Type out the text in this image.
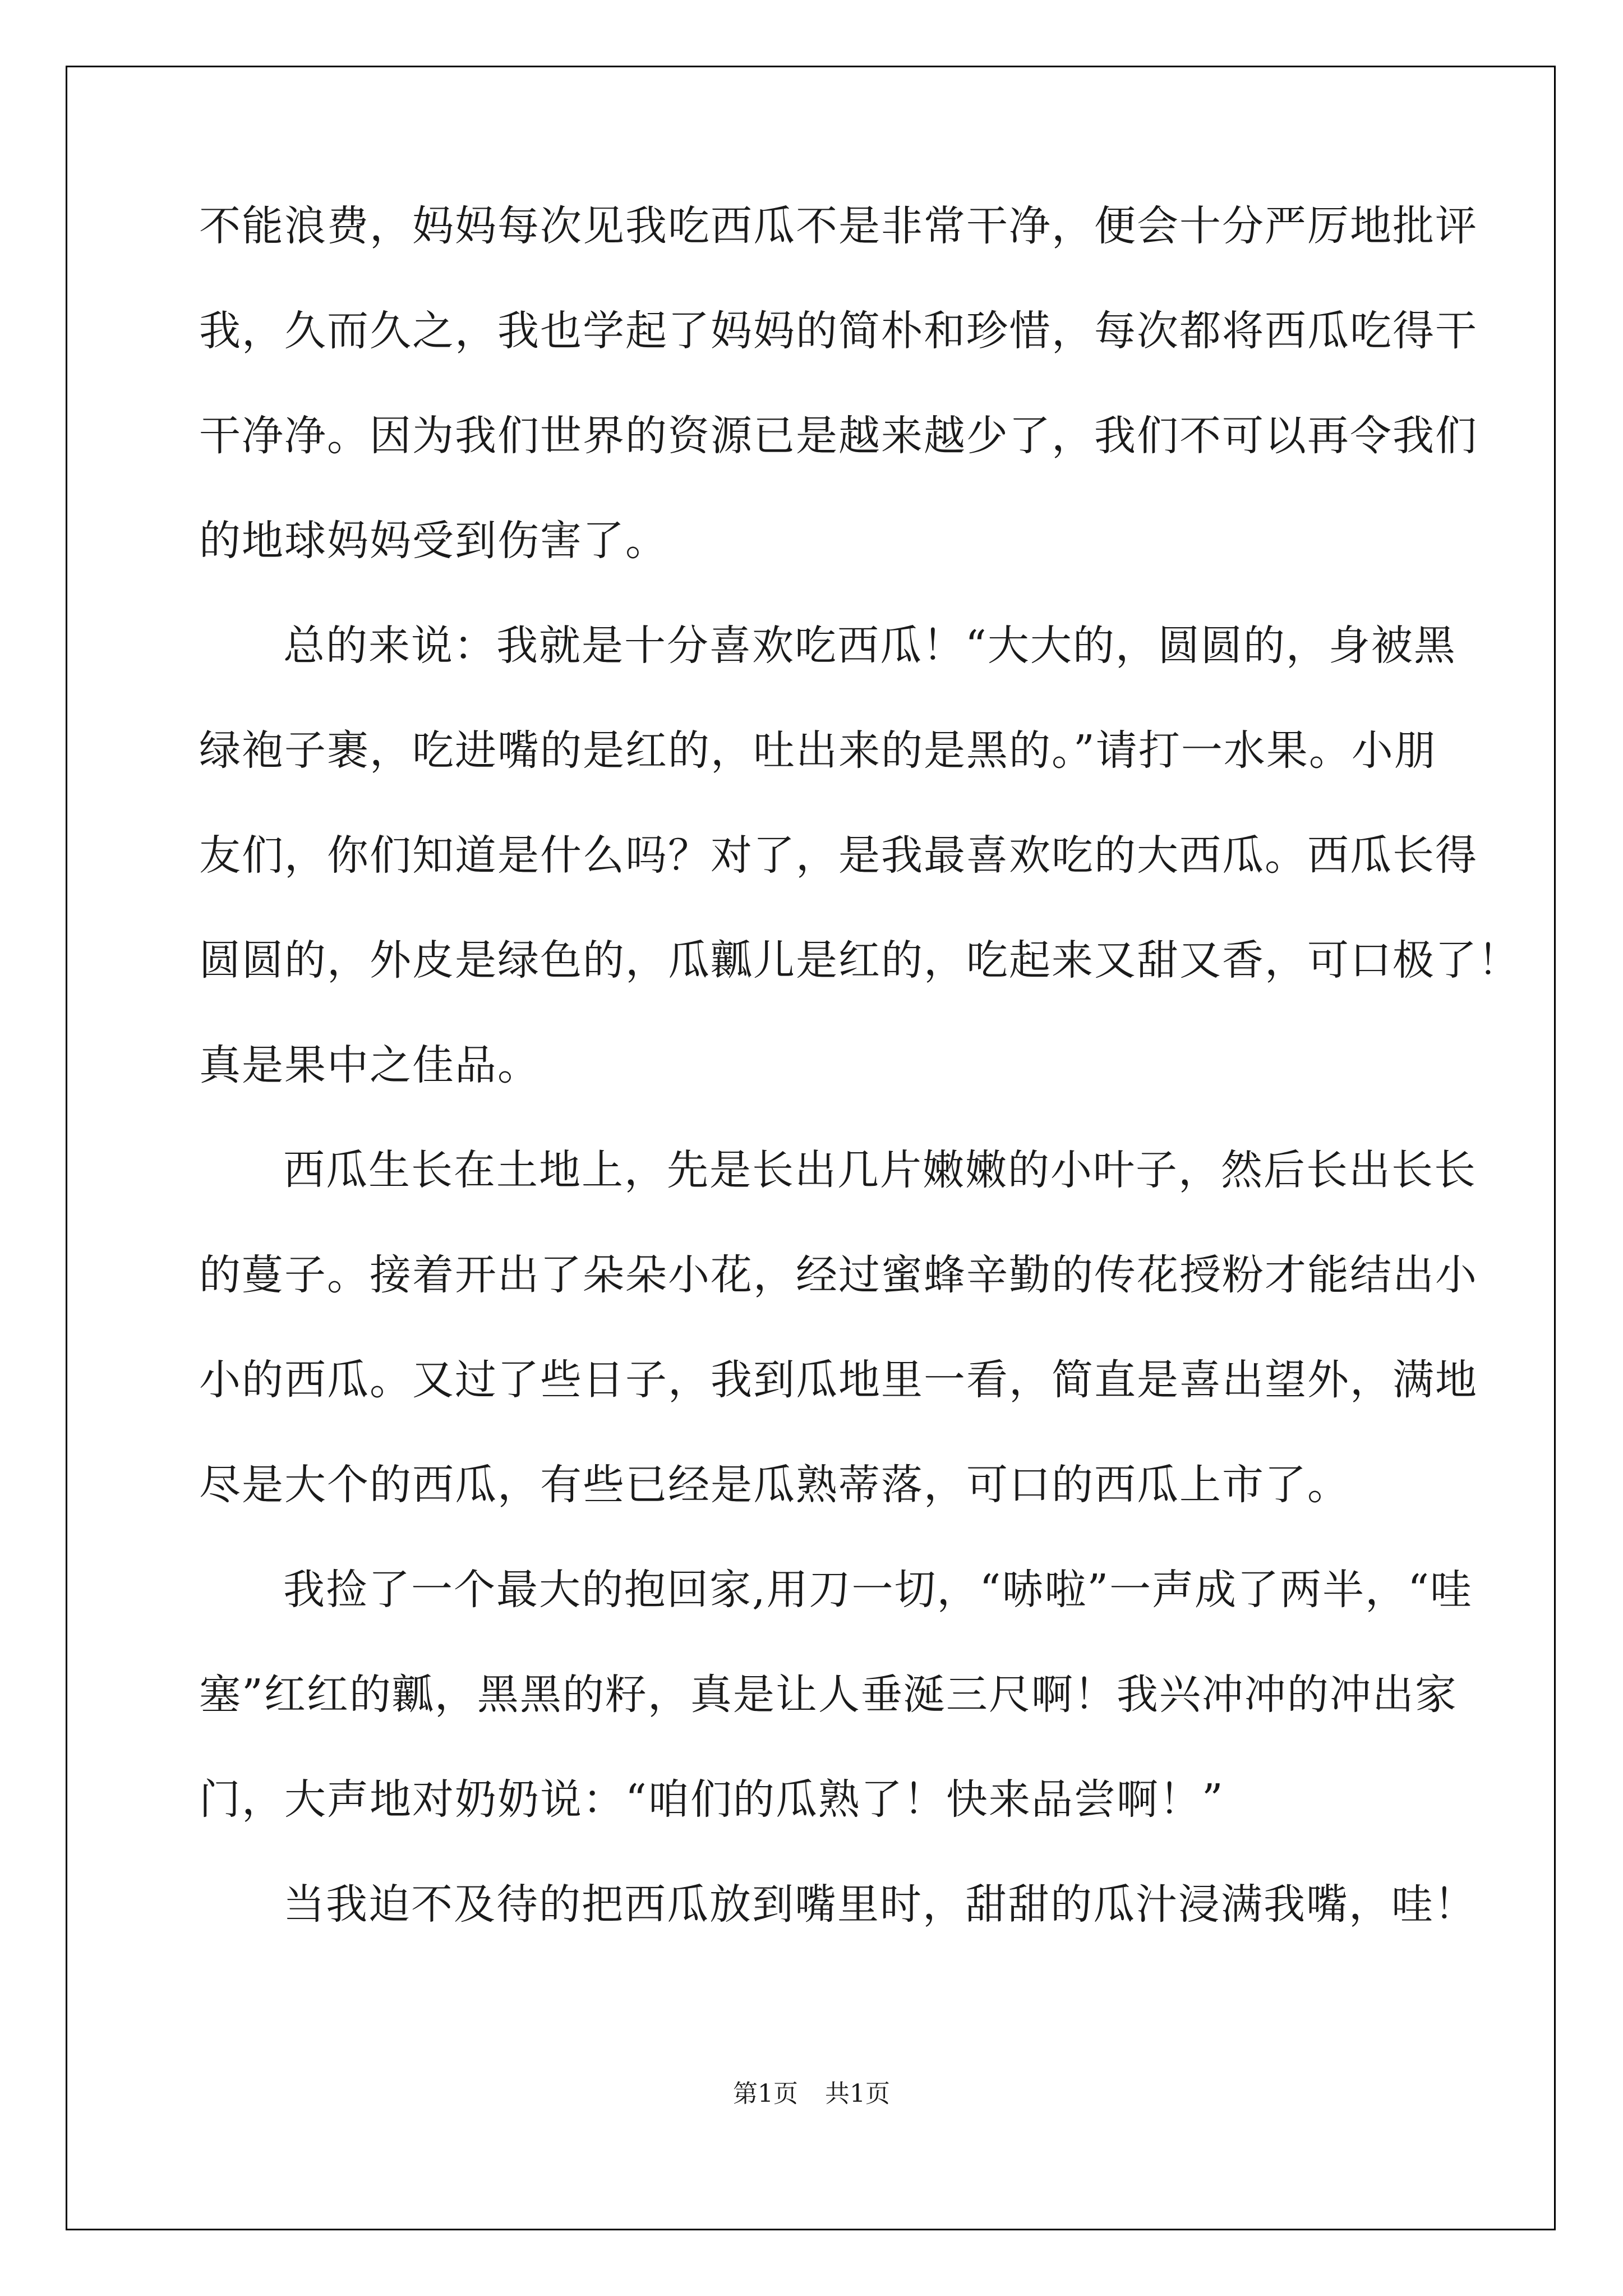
不能浪费，妈妈每次见我吃西瓜不是非常干净，便会十分严厉地批评
我，久而久之，我也学起了妈妈的简朴和珍惜，每次都将西瓜吃得干
干净净。因为我们世界的资源已是越来越少了，我们不可以再令我们
的地球妈妈受到伤害了。
总的来说：我就是十分喜欢吃西瓜！“大大的，圆圆的，身被黑
绿袍子裹，吃进嘴的是红的，吐出来的是黑的。”请打一水果。小朋
友们，你们知道是什么吗？对了，是我最喜欢吃的大西瓜。西瓜长得
圆圆的，外皮是绿色的，瓜瓤儿是红的，吃起来又甜又香，可口极了！
真是果中之佳品。
西瓜生长在土地上，先是长出几片嫩嫩的小叶子，然后长出长长
的蔓子。接着开出了朵朵小花，经过蜜蜂辛勤的传花授粉才能结出小
小的西瓜。又过了些日子，我到瓜地里一看，简直是喜出望外，满地
尽是大个的西瓜，有些已经是瓜熟蒂落，可口的西瓜上市了。
我捡了一个最大的抱回家,用刀一切，“哧啦”一声成了两半，“哇
塞”红红的瓤，黑黑的籽，真是让人垂涎三尺啊！我兴冲冲的冲出家
门，大声地对奶奶说：“咱们的瓜熟了！快来品尝啊！”
当我迫不及待的把西瓜放到嘴里时，甜甜的瓜汁浸满我嘴，哇！
第1页 共1页
